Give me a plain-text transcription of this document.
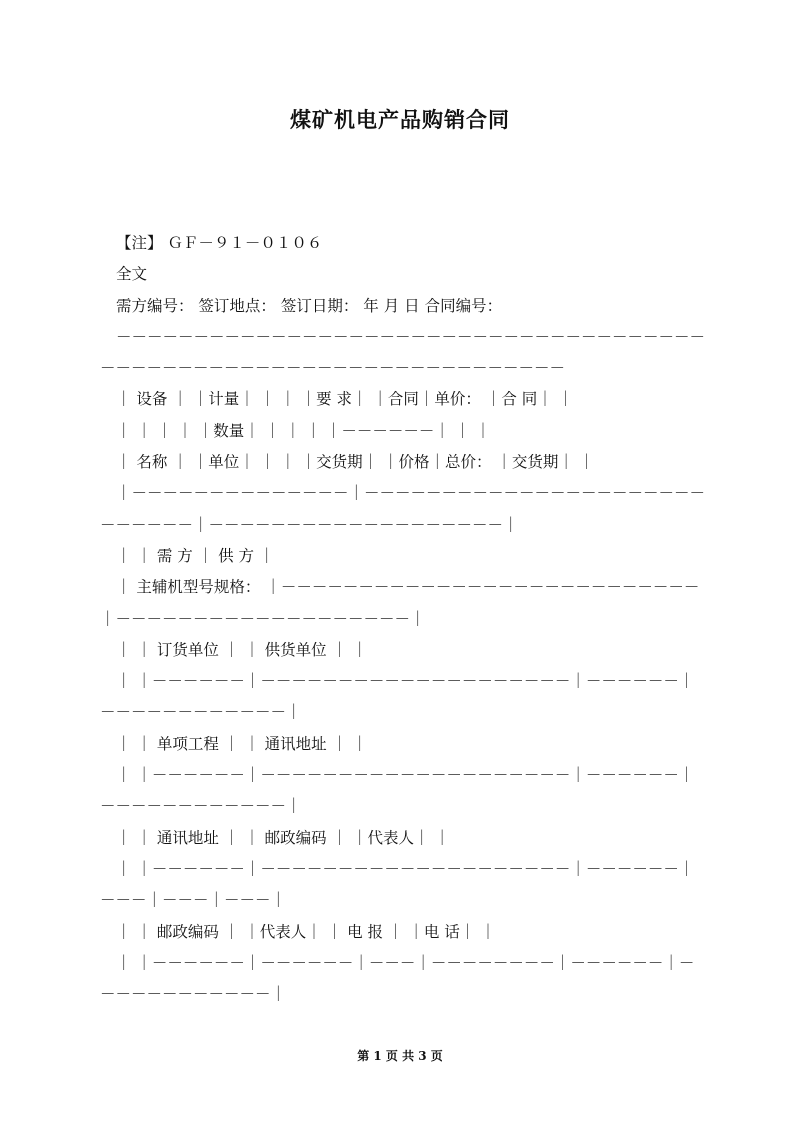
煤矿机电产品购销合同

【注】 ＧＦ－９１－０１０６

全文

需方编号： 签订地点： 签订日期： 年 月 日 合同编号：

－－－－－－－－－－－－－－－－－－－－－－－－－－－－－－－－－－－－－－－－－－－－－－－－－－－－－－－－－－－－－－－－－－－－

｜ 设备 ｜ ｜计量｜ ｜ ｜ ｜要 求｜ ｜合同｜单价： ｜合 同｜ ｜

｜ ｜ ｜ ｜ ｜数量｜ ｜ ｜ ｜ ｜－－－－－－｜ ｜ ｜

｜ 名称 ｜ ｜单位｜ ｜ ｜ ｜交货期｜ ｜价格｜总价： ｜交货期｜ ｜

｜－－－－－－－－－－－－－－｜－－－－－－－－－－－－－－－－－－－－－－－－－－－－｜－－－－－－－－－－－－－－－－－－－｜

｜ ｜ 需 方 ｜ 供 方 ｜

｜ 主辅机型号规格： ｜－－－－－－－－－－－－－－－－－－－－－－－－－－－｜－－－－－－－－－－－－－－－－－－－｜

｜ ｜ 订货单位 ｜ ｜ 供货单位 ｜ ｜

｜ ｜－－－－－－｜－－－－－－－－－－－－－－－－－－－－｜－－－－－－｜－－－－－－－－－－－－｜

｜ ｜ 单项工程 ｜ ｜ 通讯地址 ｜ ｜

｜ ｜－－－－－－｜－－－－－－－－－－－－－－－－－－－－｜－－－－－－｜－－－－－－－－－－－－｜

｜ ｜ 通讯地址 ｜ ｜ 邮政编码 ｜ ｜代表人｜ ｜

｜ ｜－－－－－－｜－－－－－－－－－－－－－－－－－－－－｜－－－－－－｜－－－｜－－－｜－－－｜

｜ ｜ 邮政编码 ｜ ｜代表人｜ ｜ 电 报 ｜ ｜电 话｜ ｜

｜ ｜－－－－－－｜－－－－－－｜－－－｜－－－－－－－－｜－－－－－－｜－－－－－－－－－－－－｜

第 1 页 共 3 页
